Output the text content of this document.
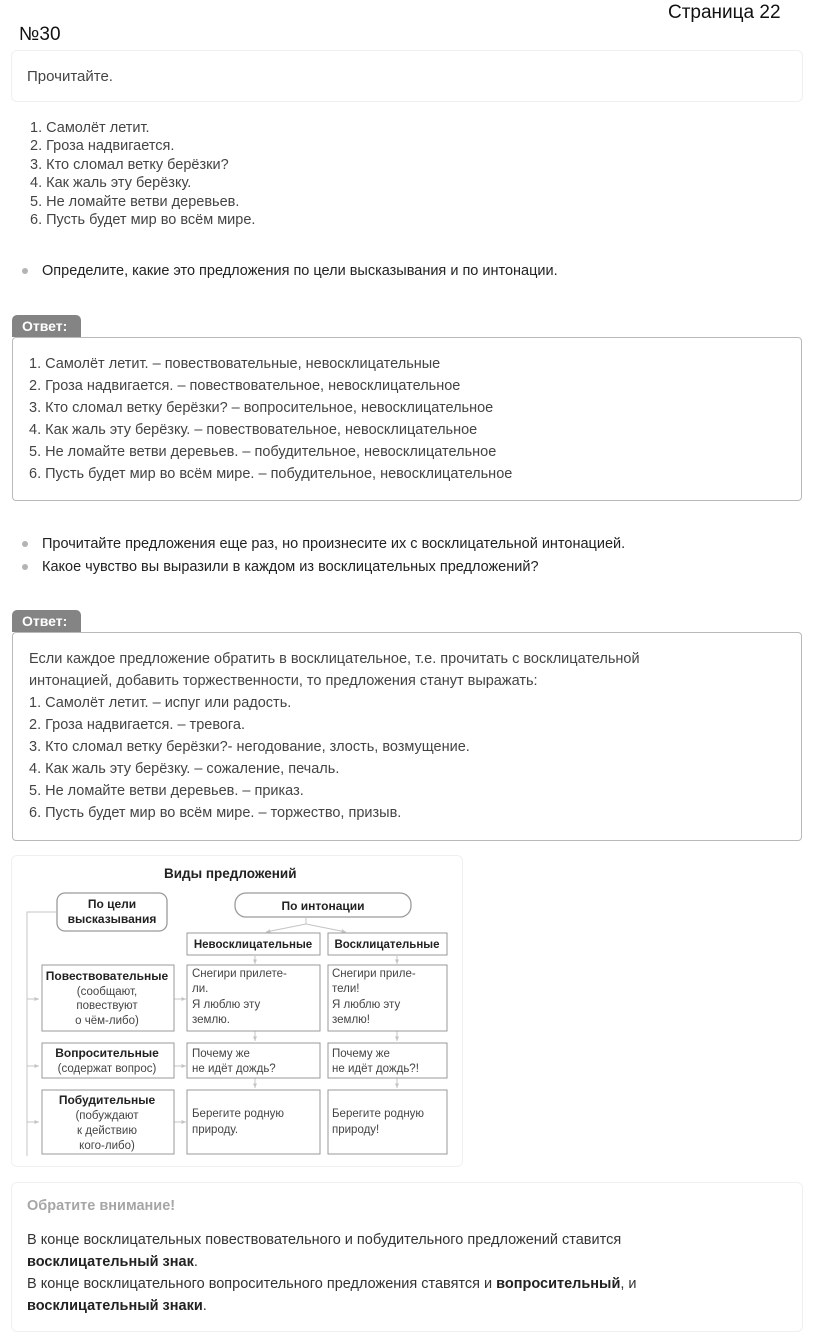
Страница 22
№30
Прочитайте.
1. Самолёт летит.
2. Гроза надвигается.
3. Кто сломал ветку берёзки?
4. Как жаль эту берёзку.
5. Не ломайте ветви деревьев.
6. Пусть будет мир во всём мире.
Определите, какие это предложения по цели высказывания и по интонации.
Ответ:
1. Самолёт летит. – повествовательные, невосклицательные
2. Гроза надвигается. – повествовательное, невосклицательное
3. Кто сломал ветку берёзки? – вопросительное, невосклицательное
4. Как жаль эту берёзку. – повествовательное, невосклицательное
5. Не ломайте ветви деревьев. – побудительное, невосклицательное
6. Пусть будет мир во всём мире. – побудительное, невосклицательное
Прочитайте предложения еще раз, но произнесите их с восклицательной интонацией.
Какое чувство вы выразили в каждом из восклицательных предложений?
Ответ:
Если каждое предложение обратить в восклицательное, т.е. прочитать с восклицательной
интонацией, добавить торжественности, то предложения станут выражать:
1. Самолёт летит. – испуг или радость.
2. Гроза надвигается. – тревога.
3. Кто сломал ветку берёзки?- негодование, злость, возмущение.
4. Как жаль эту берёзку. – сожаление, печаль.
5. Не ломайте ветви деревьев. – приказ.
6. Пусть будет мир во всём мире. – торжество, призыв.
Виды предложений
По цели
высказывания
По интонации
Невосклицательные Восклицательные
Повествовательные
(сообщают,
повествуют
о чём-либо)
Снегири прилете-
ли.
Я люблю эту
землю.
Снегири приле-
тели!
Я люблю эту
землю!
Вопросительные
(содержат вопрос)
Почему же
не идёт дождь?
Почему же
не идёт дождь?!
Побудительные
(побуждают
к действию
кого-либо)
Берегите родную
природу.
Берегите родную
природу!
Обратите внимание!
В конце восклицательных повествовательного и побудительного предложений ставится
восклицательный знак.
В конце восклицательного вопросительного предложения ставятся и вопросительный, и
восклицательный знаки.
